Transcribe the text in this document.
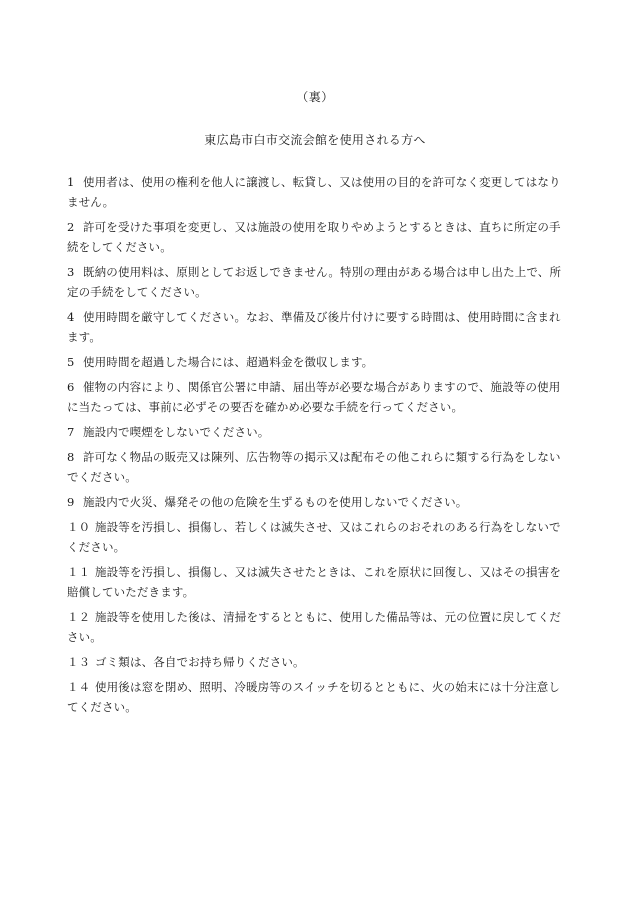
（裏）
東広島市白市交流会館を使用される方へ
1 使用者は、使用の権利を他人に譲渡し、転貸し、又は使用の目的を許可なく変更してはなりません。
2 許可を受けた事項を変更し、又は施設の使用を取りやめようとするときは、直ちに所定の手続をしてください。
3 既納の使用料は、原則としてお返しできません。特別の理由がある場合は申し出た上で、所定の手続をしてください。
4 使用時間を厳守してください。なお、準備及び後片付けに要する時間は、使用時間に含まれます。
5 使用時間を超過した場合には、超過料金を徴収します。
6 催物の内容により、関係官公署に申請、届出等が必要な場合がありますので、施設等の使用に当たっては、事前に必ずその要否を確かめ必要な手続を行ってください。
7 施設内で喫煙をしないでください。
8 許可なく物品の販売又は陳列、広告物等の掲示又は配布その他これらに類する行為をしないでください。
9 施設内で火災、爆発その他の危険を生ずるものを使用しないでください。
１０ 施設等を汚損し、損傷し、若しくは滅失させ、又はこれらのおそれのある行為をしないでください。
１１ 施設等を汚損し、損傷し、又は滅失させたときは、これを原状に回復し、又はその損害を賠償していただきます。
１２ 施設等を使用した後は、清掃をするとともに、使用した備品等は、元の位置に戻してください。
１３ ゴミ類は、各自でお持ち帰りください。
１４ 使用後は窓を閉め、照明、冷暖房等のスイッチを切るとともに、火の始末には十分注意してください。
